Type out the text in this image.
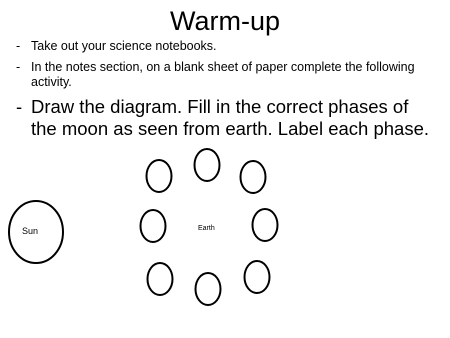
Warm-up
- Take out your science notebooks.
- In the notes section, on a blank sheet of paper complete the following activity.
- Draw the diagram. Fill in the correct phases of the moon as seen from earth. Label each phase.
Sun	Earth
